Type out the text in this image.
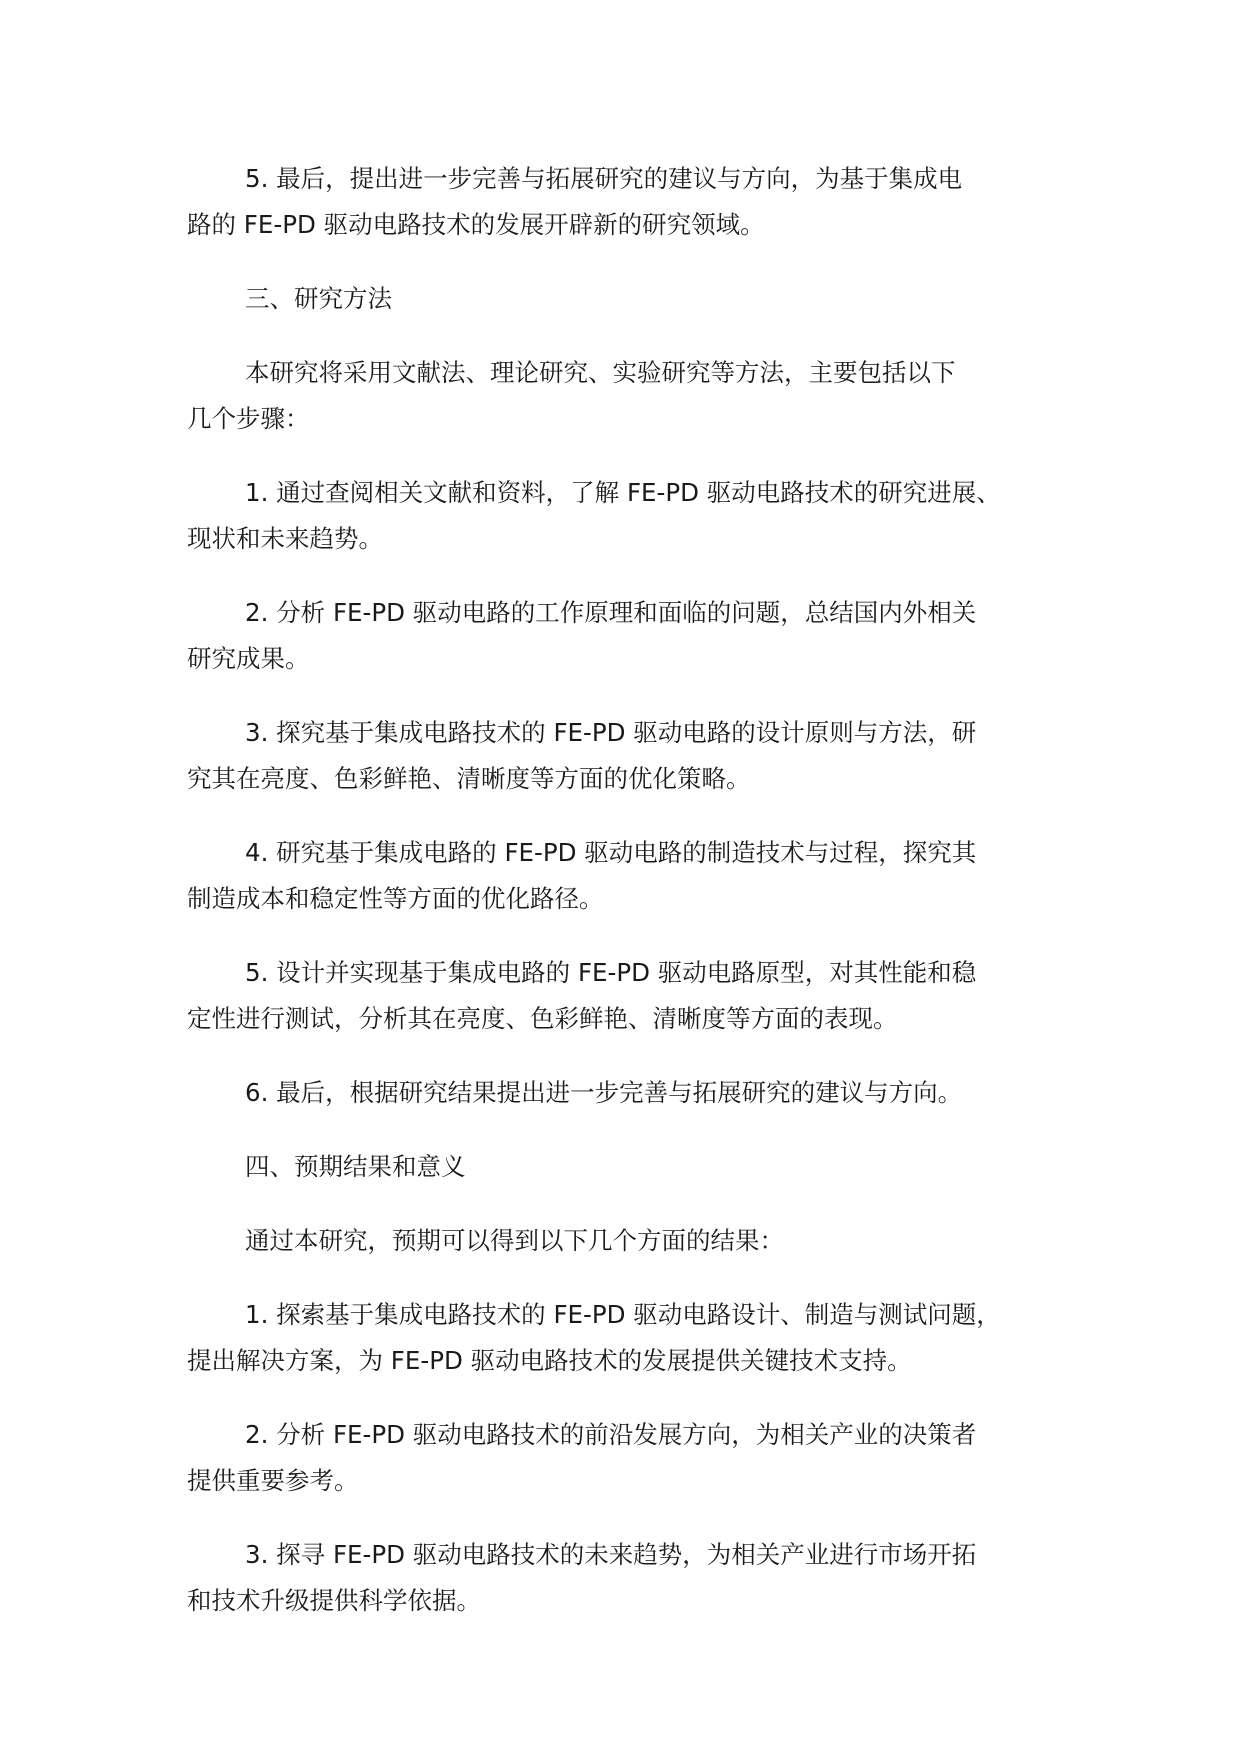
5. 最后，提出进一步完善与拓展研究的建议与方向，为基于集成电
路的 FE-PD 驱动电路技术的发展开辟新的研究领域。

三、研究方法

本研究将采用文献法、理论研究、实验研究等方法，主要包括以下
几个步骤：

1. 通过查阅相关文献和资料，了解 FE-PD 驱动电路技术的研究进展、
现状和未来趋势。

2. 分析 FE-PD 驱动电路的工作原理和面临的问题，总结国内外相关
研究成果。

3. 探究基于集成电路技术的 FE-PD 驱动电路的设计原则与方法，研
究其在亮度、色彩鲜艳、清晰度等方面的优化策略。

4. 研究基于集成电路的 FE-PD 驱动电路的制造技术与过程，探究其
制造成本和稳定性等方面的优化路径。

5. 设计并实现基于集成电路的 FE-PD 驱动电路原型，对其性能和稳
定性进行测试，分析其在亮度、色彩鲜艳、清晰度等方面的表现。

6. 最后，根据研究结果提出进一步完善与拓展研究的建议与方向。

四、预期结果和意义

通过本研究，预期可以得到以下几个方面的结果：

1. 探索基于集成电路技术的 FE-PD 驱动电路设计、制造与测试问题，
提出解决方案，为 FE-PD 驱动电路技术的发展提供关键技术支持。

2. 分析 FE-PD 驱动电路技术的前沿发展方向，为相关产业的决策者
提供重要参考。

3. 探寻 FE-PD 驱动电路技术的未来趋势，为相关产业进行市场开拓
和技术升级提供科学依据。
